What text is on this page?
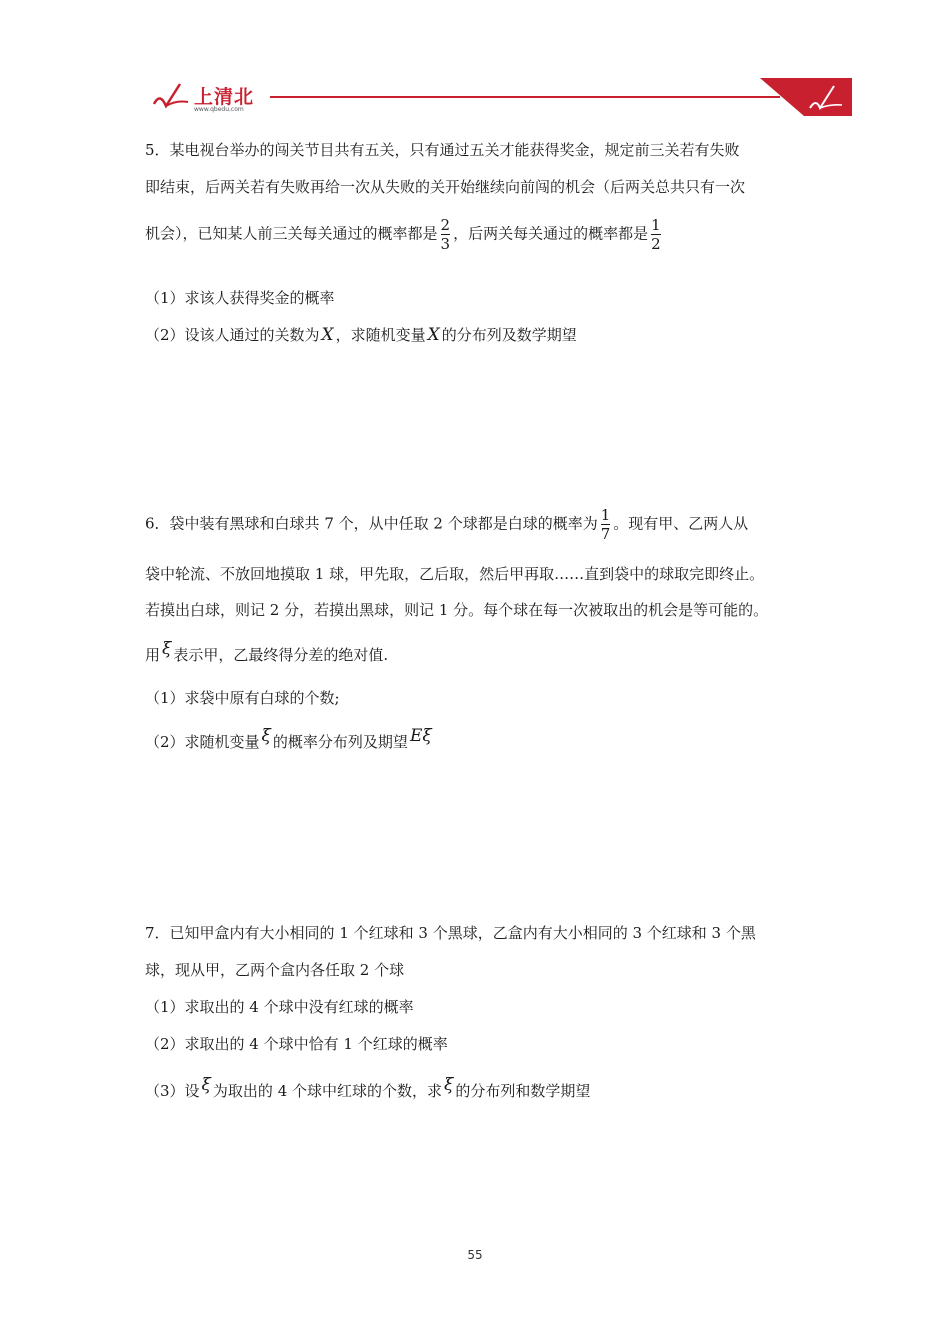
上清北
www.qbedu.com
5．某电视台举办的闯关节目共有五关，只有通过五关才能获得奖金，规定前三关若有失败
即结束，后两关若有失败再给一次从失败的关开始继续向前闯的机会（后两关总共只有一次
机会），已知某人前三关每关通过的概率都是 $\frac{2}{3}$ ，后两关每关通过的概率都是 $\frac{1}{2}$
（1）求该人获得奖金的概率
（2）设该人通过的关数为 X ，求随机变量 X 的分布列及数学期望
6．袋中装有黑球和白球共 7 个，从中任取 2 个球都是白球的概率为 $\frac{1}{7}$ 。现有甲、乙两人从
袋中轮流、不放回地摸取 1 球，甲先取，乙后取，然后甲再取……直到袋中的球取完即终止。
若摸出白球，则记 2 分，若摸出黑球，则记 1 分。每个球在每一次被取出的机会是等可能的。
用 ξ 表示甲，乙最终得分差的绝对值.
（1）求袋中原有白球的个数;
（2）求随机变量 ξ 的概率分布列及期望 Eξ
7．已知甲盒内有大小相同的 1 个红球和 3 个黑球，乙盒内有大小相同的 3 个红球和 3 个黑
球，现从甲，乙两个盒内各任取 2 个球
（1）求取出的 4 个球中没有红球的概率
（2）求取出的 4 个球中恰有 1 个红球的概率
（3）设 ξ 为取出的 4 个球中红球的个数，求 ξ 的分布列和数学期望
55
